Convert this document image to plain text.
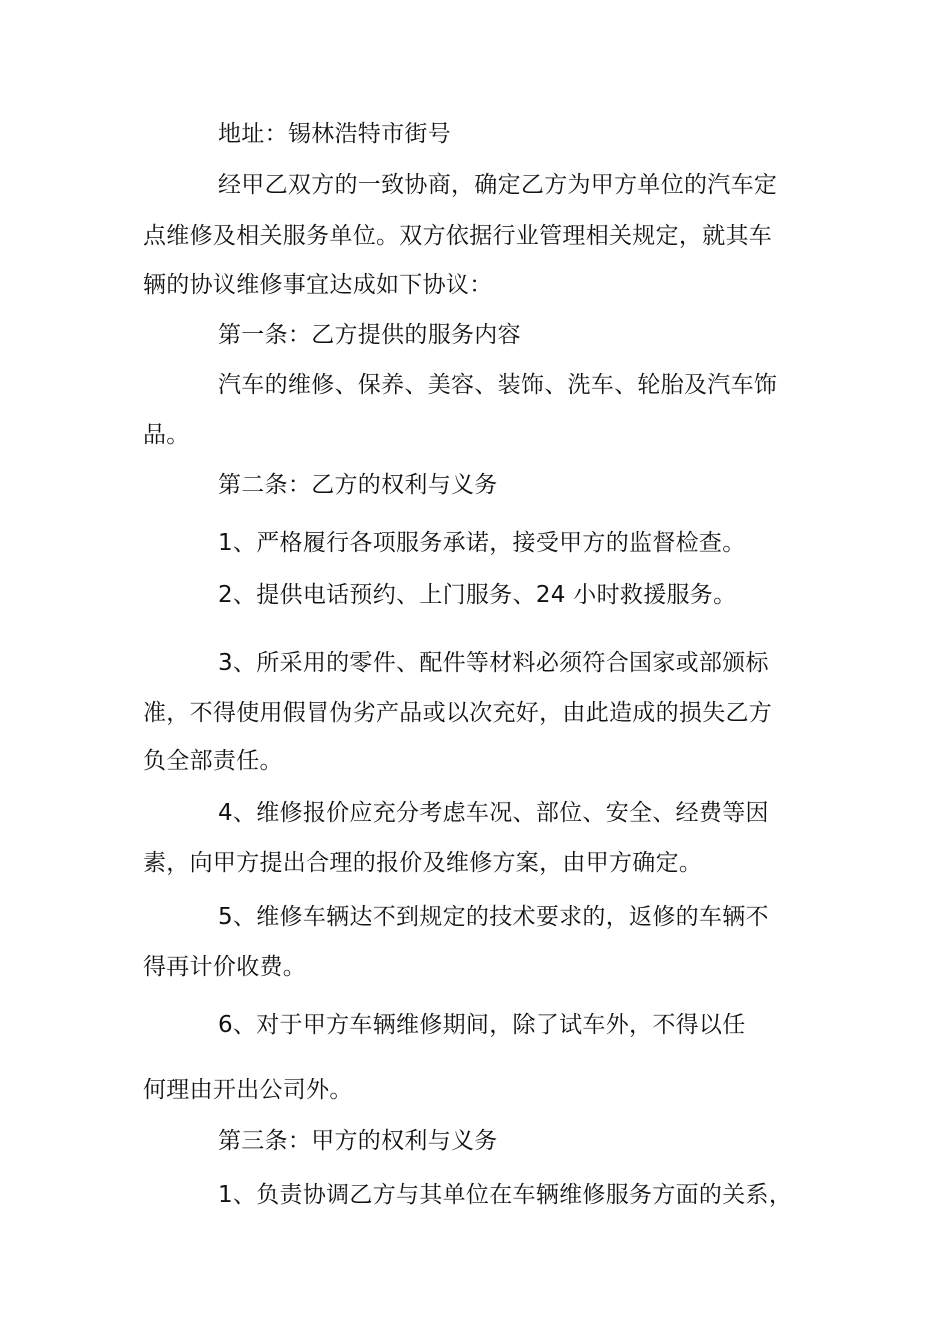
地址：锡林浩特市街号
经甲乙双方的一致协商，确定乙方为甲方单位的汽车定
点维修及相关服务单位。双方依据行业管理相关规定，就其车
辆的协议维修事宜达成如下协议：
第一条：乙方提供的服务内容
汽车的维修、保养、美容、装饰、洗车、轮胎及汽车饰
品。
第二条：乙方的权利与义务
1、严格履行各项服务承诺，接受甲方的监督检查。
2、提供电话预约、上门服务、24 小时救援服务。
3、所采用的零件、配件等材料必须符合国家或部颁标
准，不得使用假冒伪劣产品或以次充好，由此造成的损失乙方
负全部责任。
4、维修报价应充分考虑车况、部位、安全、经费等因
素，向甲方提出合理的报价及维修方案，由甲方确定。
5、维修车辆达不到规定的技术要求的，返修的车辆不
得再计价收费。
6、对于甲方车辆维修期间，除了试车外，不得以任
何理由开出公司外。
第三条：甲方的权利与义务
1、负责协调乙方与其单位在车辆维修服务方面的关系，
